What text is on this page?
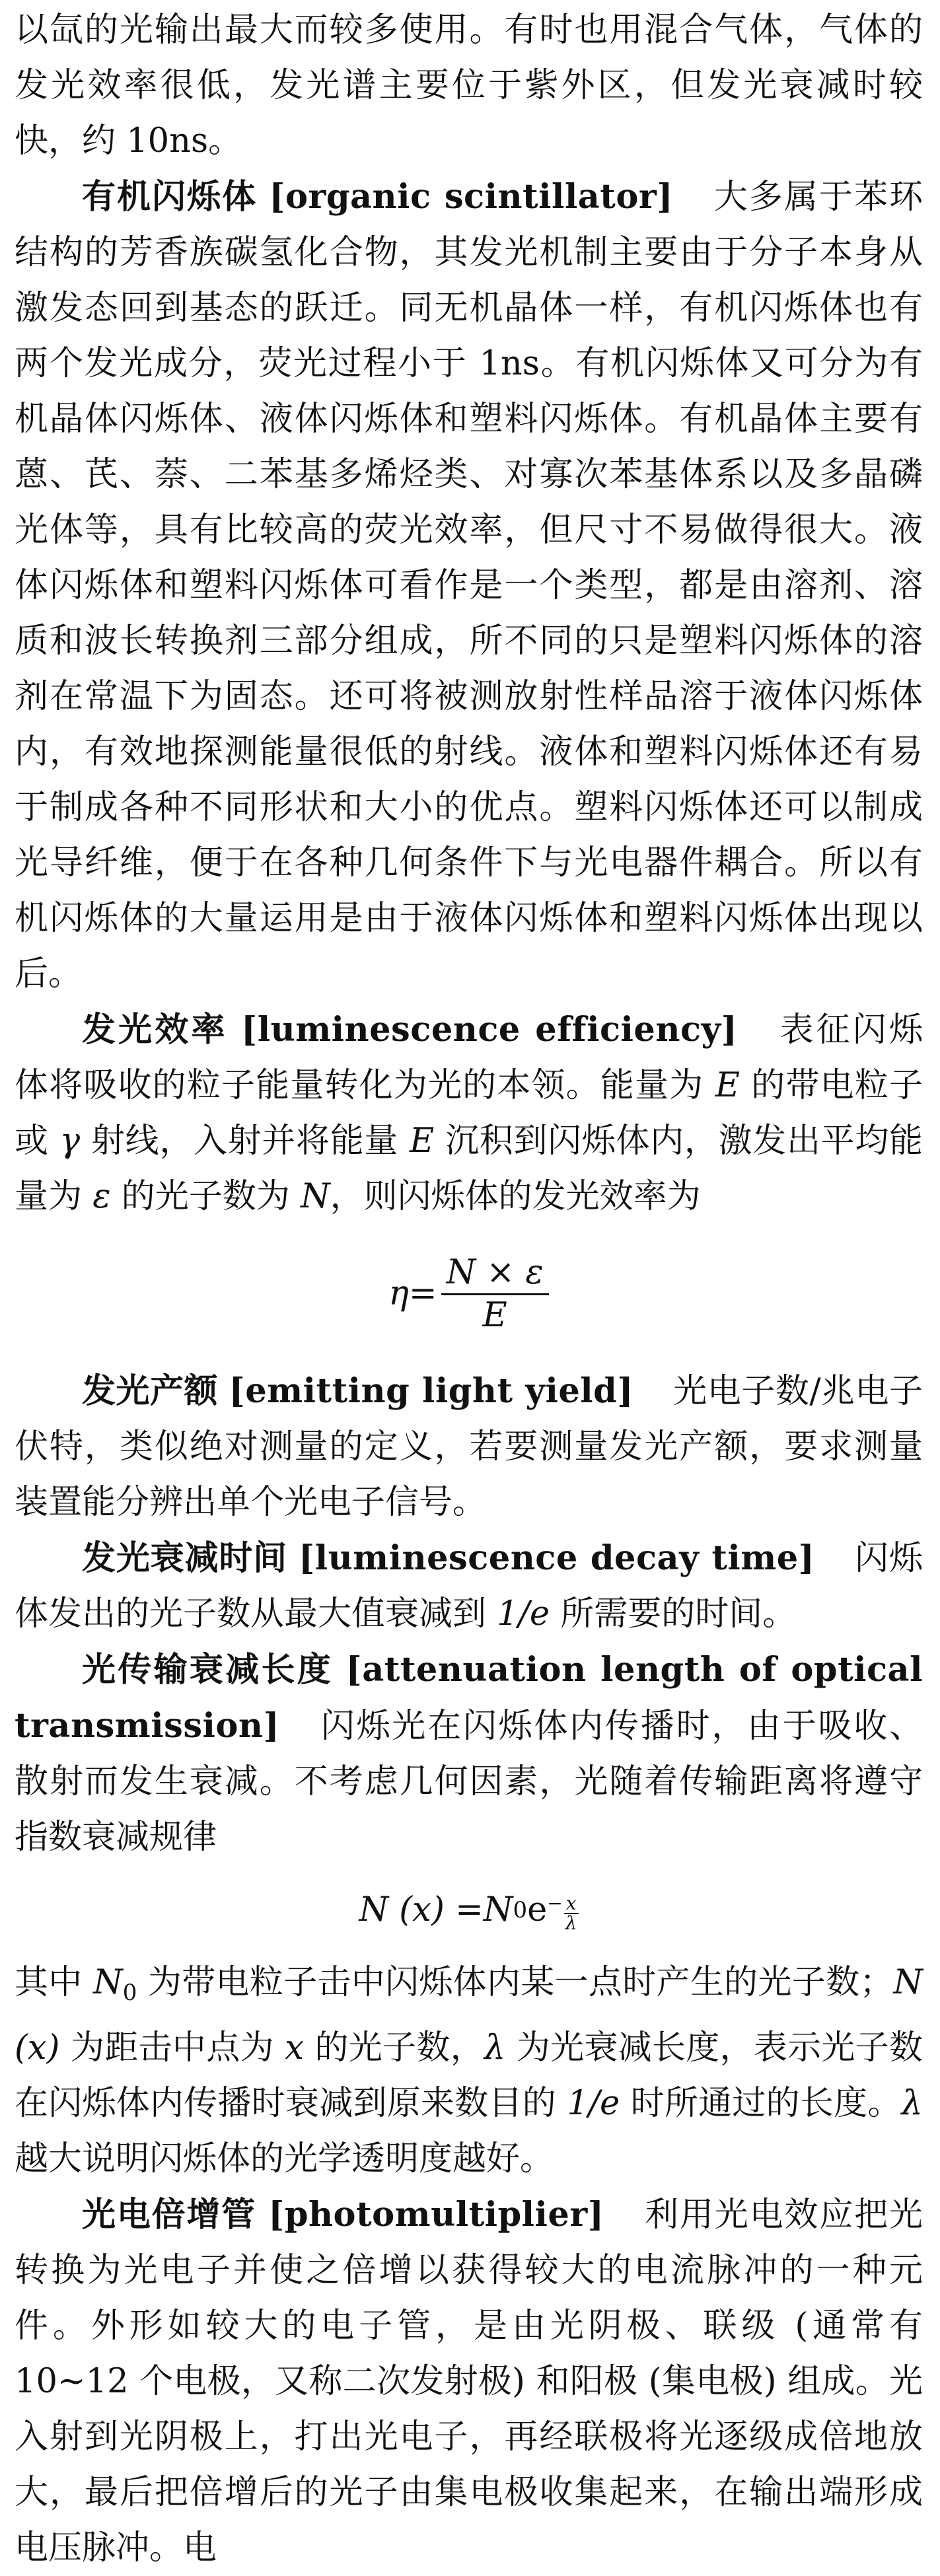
以氙的光输出最大而较多使用。有时也用混合气体，气体的发光效率很低，发光谱主要位于紫外区，但发光衰减时较快，约 10ns。

有机闪烁体 [organic scintillator] 大多属于苯环结构的芳香族碳氢化合物，其发光机制主要由于分子本身从激发态回到基态的跃迁。同无机晶体一样，有机闪烁体也有两个发光成分，荧光过程小于 1ns。有机闪烁体又可分为有机晶体闪烁体、液体闪烁体和塑料闪烁体。有机晶体主要有蒽、芪、萘、二苯基多烯烃类、对寡次苯基体系以及多晶磷光体等，具有比较高的荧光效率，但尺寸不易做得很大。液体闪烁体和塑料闪烁体可看作是一个类型，都是由溶剂、溶质和波长转换剂三部分组成，所不同的只是塑料闪烁体的溶剂在常温下为固态。还可将被测放射性样品溶于液体闪烁体内，有效地探测能量很低的射线。液体和塑料闪烁体还有易于制成各种不同形状和大小的优点。塑料闪烁体还可以制成光导纤维，便于在各种几何条件下与光电器件耦合。所以有机闪烁体的大量运用是由于液体闪烁体和塑料闪烁体出现以后。

发光效率 [luminescence efficiency] 表征闪烁体将吸收的粒子能量转化为光的本领。能量为 E 的带电粒子或 γ 射线，入射并将能量 E 沉积到闪烁体内，激发出平均能量为 ε 的光子数为 N，则闪烁体的发光效率为

$\eta= \frac{N \times \varepsilon}{E}$

发光产额 [emitting light yield] 光电子数/兆电子伏特，类似绝对测量的定义，若要测量发光产额，要求测量装置能分辨出单个光电子信号。

发光衰减时间 [luminescence decay time] 闪烁体发出的光子数从最大值衰减到 1/e 所需要的时间。

光传输衰减长度 [attenuation length of optical transmission] 闪烁光在闪烁体内传播时，由于吸收、散射而发生衰减。不考虑几何因素，光随着传输距离将遵守指数衰减规律

N (x) =N 0 e $^- \frac{x}{\lambda}$

其中 $N_0$ 为带电粒子击中闪烁体内某一点时产生的光子数；N (x) 为距击中点为 x 的光子数，λ 为光衰减长度，表示光子数在闪烁体内传播时衰减到原来数目的 1/e 时所通过的长度。λ 越大说明闪烁体的光学透明度越好。

光电倍增管 [photomultiplier] 利用光电效应把光转换为光电子并使之倍增以获得较大的电流脉冲的一种元件。外形如较大的电子管，是由光阴极、联级 (通常有 10~12 个电极，又称二次发射极) 和阳极 (集电极) 组成。光入射到光阴极上，打出光电子，再经联极将光逐级成倍地放大，最后把倍增后的光子由集电极收集起来，在输出端形成电压脉冲。电
